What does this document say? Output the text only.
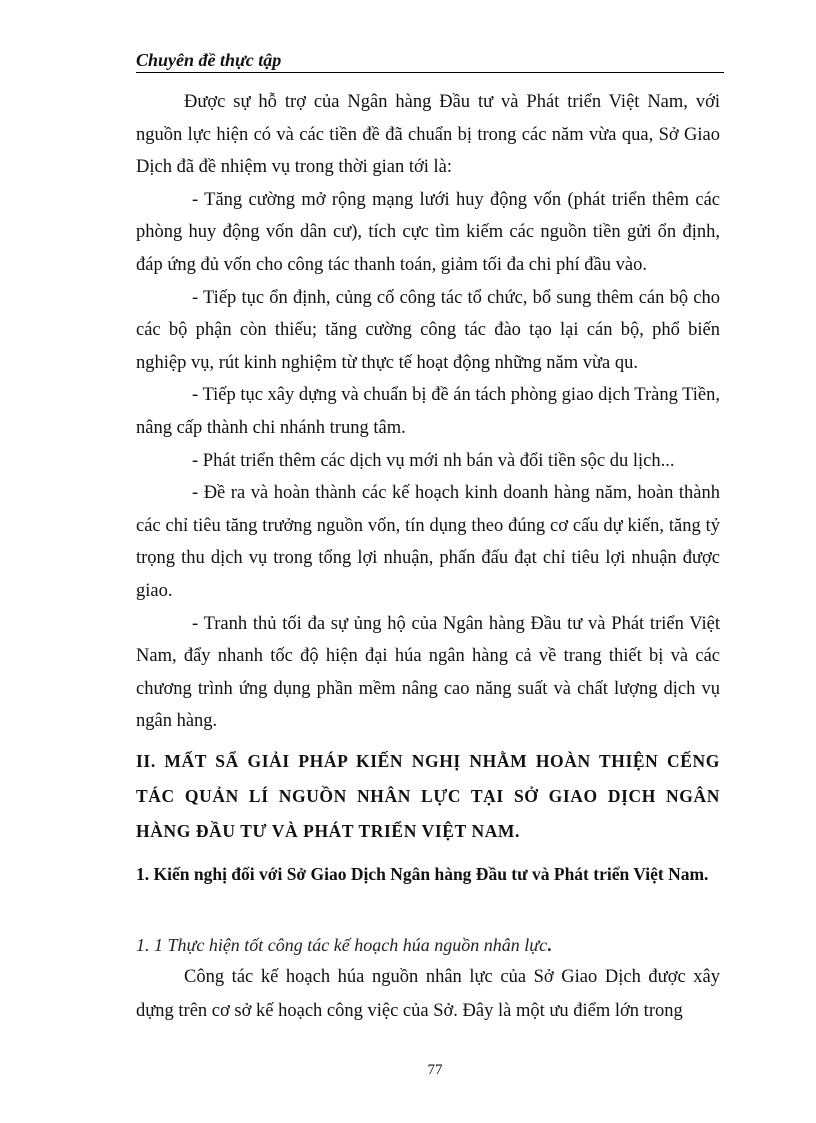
Chuyên đề thực tập

Được sự hỗ trợ của Ngân hàng Đầu tư và Phát triển Việt Nam, với nguồn lực hiện có và các tiền đề đã chuẩn bị trong các năm vừa qua, Sở Giao Dịch đã đề nhiệm vụ trong thời gian tới là:

- Tăng cường mở rộng mạng lưới huy động vốn (phát triển thêm các phòng huy động vốn dân cư), tích cực tìm kiếm các nguồn tiền gửi ổn định, đáp ứng đủ vốn cho công tác thanh toán, giảm tối đa chi phí đầu vào.

- Tiếp tục ổn định, củng cố công tác tổ chức, bổ sung thêm cán bộ cho các bộ phận còn thiếu; tăng cường công tác đào tạo lại cán bộ, phổ biến nghiệp vụ, rút kinh nghiệm từ thực tế hoạt động những năm vừa qu.

- Tiếp tục xây dựng và chuẩn bị đề án tách phòng giao dịch Tràng Tiền, nâng cấp thành chi nhánh trung tâm.

- Phát triển thêm các dịch vụ mới nh bán và đổi tiền sộc du lịch...

- Đề ra và hoàn thành các kế hoạch kinh doanh hàng năm, hoàn thành các chỉ tiêu tăng trưởng nguồn vốn, tín dụng theo đúng cơ cấu dự kiến, tăng tỷ trọng thu dịch vụ trong tổng lợi nhuận, phấn đấu đạt chỉ tiêu lợi nhuận được giao.

- Tranh thủ tối đa sự ủng hộ của Ngân hàng Đầu tư và Phát triển Việt Nam, đẩy nhanh tốc độ hiện đại húa ngân hàng cả về trang thiết bị và các chương trình ứng dụng phần mềm nâng cao năng suất và chất lượng dịch vụ ngân hàng.

II. MẤT SẨ GIẢI PHÁP KIẾN NGHỊ NHẰM HOÀN THIỆN CẾNG TÁC QUẢN LÍ NGUỒN NHÂN LỰC TẠI SỞ GIAO DỊCH NGÂN HÀNG ĐẦU TƯ VÀ PHÁT TRIỂN VIỆT NAM.
1. Kiến nghị đối với Sở Giao Dịch Ngân hàng Đầu tư và Phát triển Việt Nam.
1. 1 Thực hiện tốt công tác kế hoạch húa nguồn nhân lực.

Công tác kế hoạch húa nguồn nhân lực của Sở Giao Dịch được xây dựng trên cơ sở kế hoạch công việc của Sở. Đây là một ưu điểm lớn trong

77
